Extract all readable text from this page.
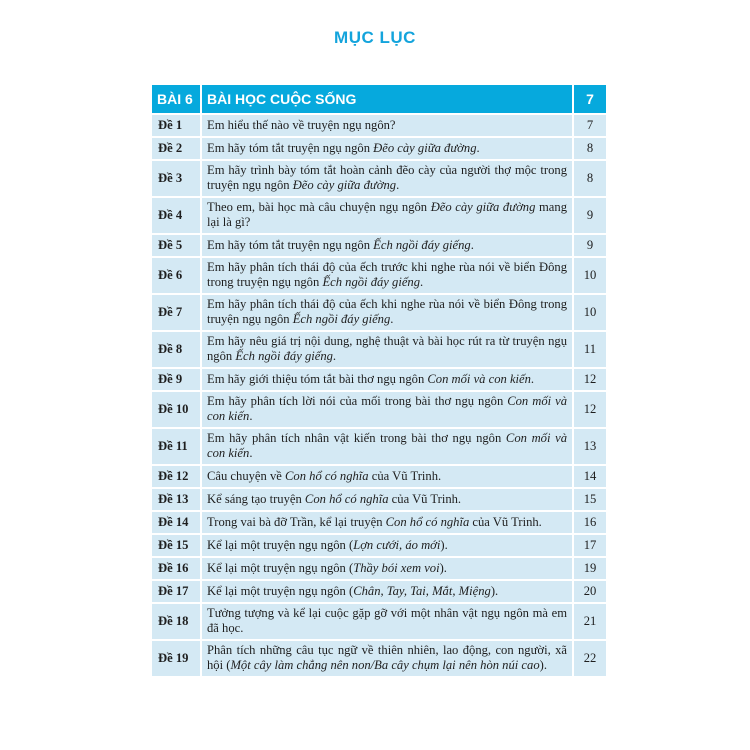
MỤC LỤC
BÀI 6	BÀI HỌC CUỘC SỐNG	7
Đề 1	Em hiểu thế nào về truyện ngụ ngôn?	7
Đề 2	Em hãy tóm tắt truyện ngụ ngôn Đẽo cày giữa đường.	8
Đề 3	Em hãy trình bày tóm tắt hoàn cảnh đẽo cày của người thợ mộc trong truyện ngụ ngôn Đẽo cày giữa đường.	8
Đề 4	Theo em, bài học mà câu chuyện ngụ ngôn Đẽo cày giữa đường mang lại là gì?	9
Đề 5	Em hãy tóm tắt truyện ngụ ngôn Ếch ngồi đáy giếng.	9
Đề 6	Em hãy phân tích thái độ của ếch trước khi nghe rùa nói về biển Đông trong truyện ngụ ngôn Ếch ngồi đáy giếng.	10
Đề 7	Em hãy phân tích thái độ của ếch khi nghe rùa nói về biển Đông trong truyện ngụ ngôn Ếch ngồi đáy giếng.	10
Đề 8	Em hãy nêu giá trị nội dung, nghệ thuật và bài học rút ra từ truyện ngụ ngôn Ếch ngồi đáy giếng.	11
Đề 9	Em hãy giới thiệu tóm tắt bài thơ ngụ ngôn Con mối và con kiến.	12
Đề 10	Em hãy phân tích lời nói của mối trong bài thơ ngụ ngôn Con mối và con kiến.	12
Đề 11	Em hãy phân tích nhân vật kiến trong bài thơ ngụ ngôn Con mối và con kiến.	13
Đề 12	Câu chuyện về Con hổ có nghĩa của Vũ Trinh.	14
Đề 13	Kể sáng tạo truyện Con hổ có nghĩa của Vũ Trinh.	15
Đề 14	Trong vai bà đỡ Trần, kể lại truyện Con hổ có nghĩa của Vũ Trinh.	16
Đề 15	Kể lại một truyện ngụ ngôn (Lợn cưới, áo mới).	17
Đề 16	Kể lại một truyện ngụ ngôn (Thầy bói xem voi).	19
Đề 17	Kể lại một truyện ngụ ngôn (Chân, Tay, Tai, Mắt, Miệng).	20
Đề 18	Tưởng tượng và kể lại cuộc gặp gỡ với một nhân vật ngụ ngôn mà em đã học.	21
Đề 19	Phân tích những câu tục ngữ về thiên nhiên, lao động, con người, xã hội (Một cây làm chẳng nên non/Ba cây chụm lại nên hòn núi cao).	22
